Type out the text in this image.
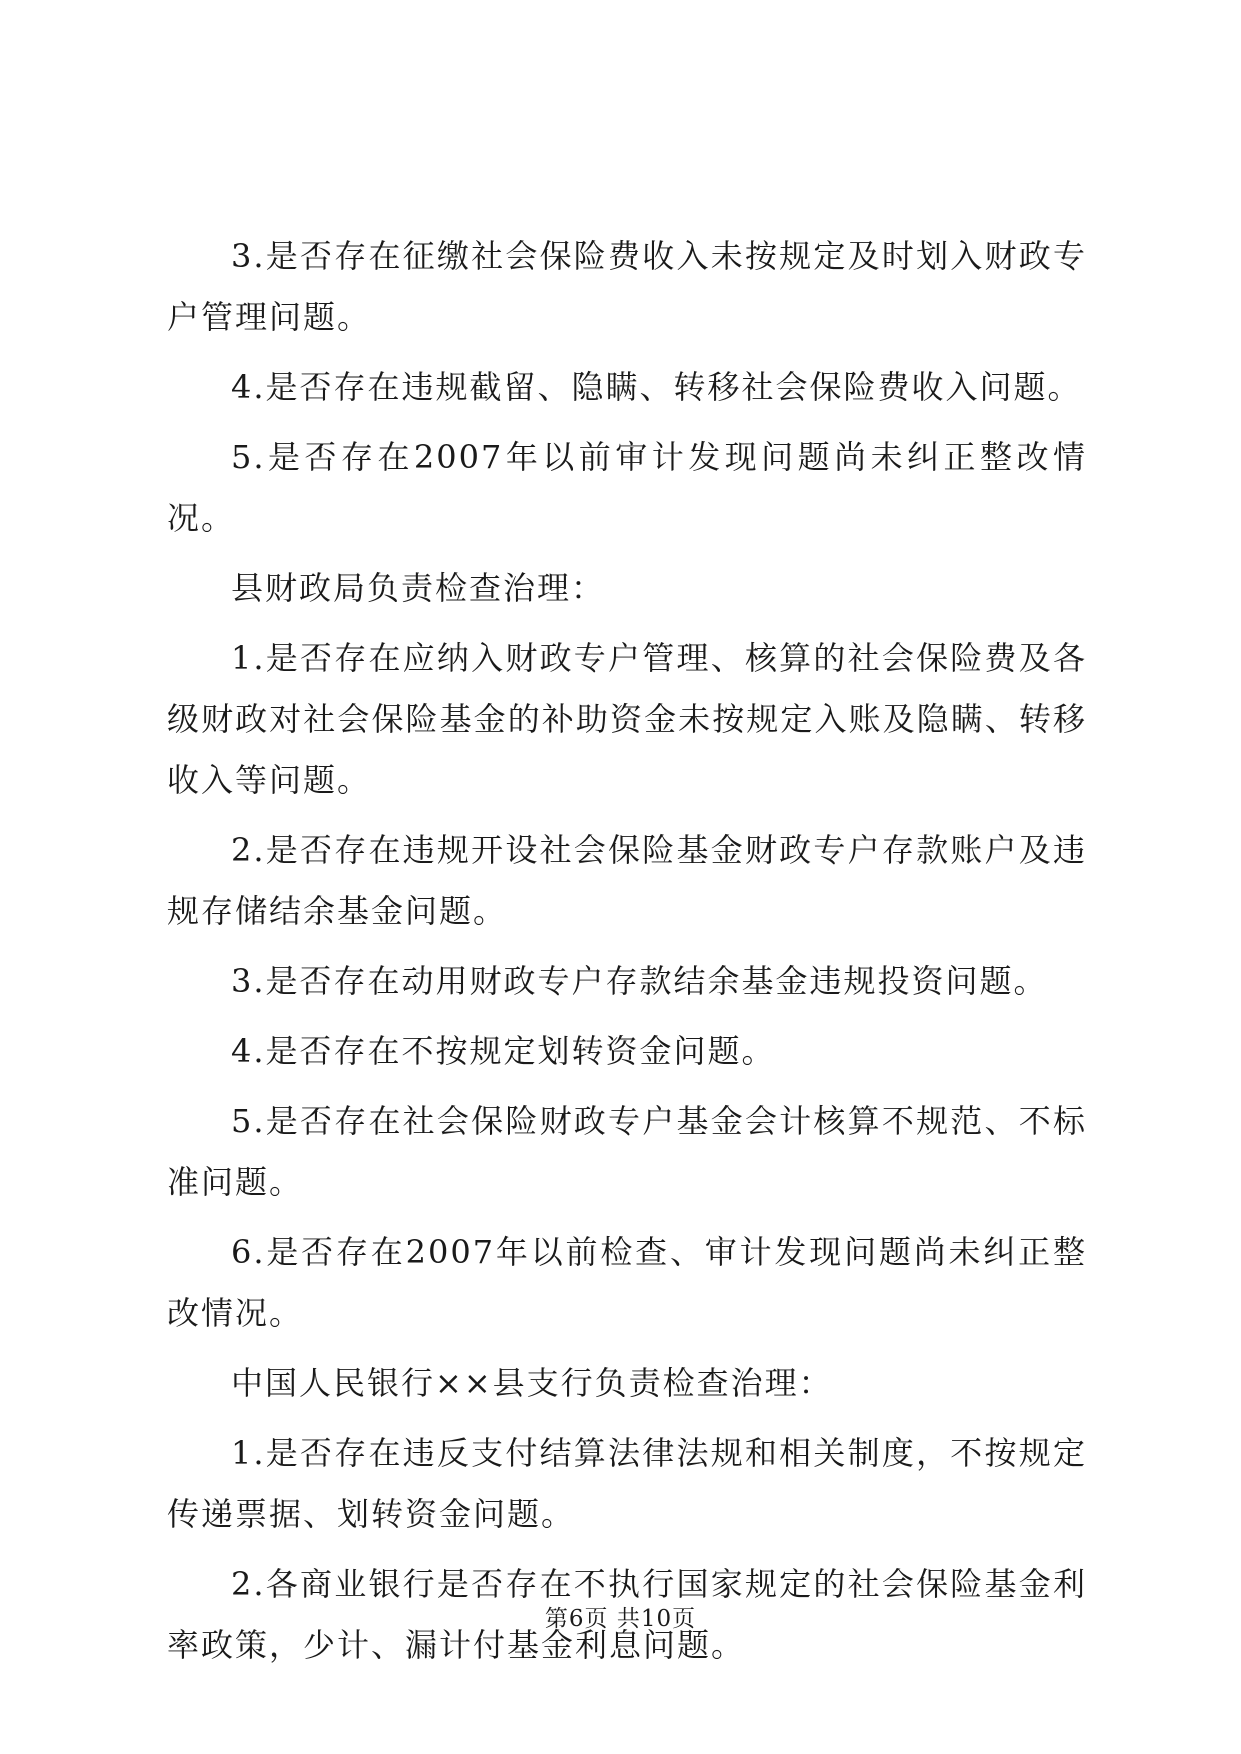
3.是否存在征缴社会保险费收入未按规定及时划入财政专户管理问题。

4.是否存在违规截留、隐瞒、转移社会保险费收入问题。

5.是否存在2007年以前审计发现问题尚未纠正整改情况。

县财政局负责检查治理：

1.是否存在应纳入财政专户管理、核算的社会保险费及各级财政对社会保险基金的补助资金未按规定入账及隐瞒、转移收入等问题。

2.是否存在违规开设社会保险基金财政专户存款账户及违规存储结余基金问题。

3.是否存在动用财政专户存款结余基金违规投资问题。

4.是否存在不按规定划转资金问题。

5.是否存在社会保险财政专户基金会计核算不规范、不标准问题。

6.是否存在2007年以前检查、审计发现问题尚未纠正整改情况。

中国人民银行××县支行负责检查治理：

1.是否存在违反支付结算法律法规和相关制度，不按规定传递票据、划转资金问题。

2.各商业银行是否存在不执行国家规定的社会保险基金利率政策，少计、漏计付基金利息问题。

第6页 共10页
